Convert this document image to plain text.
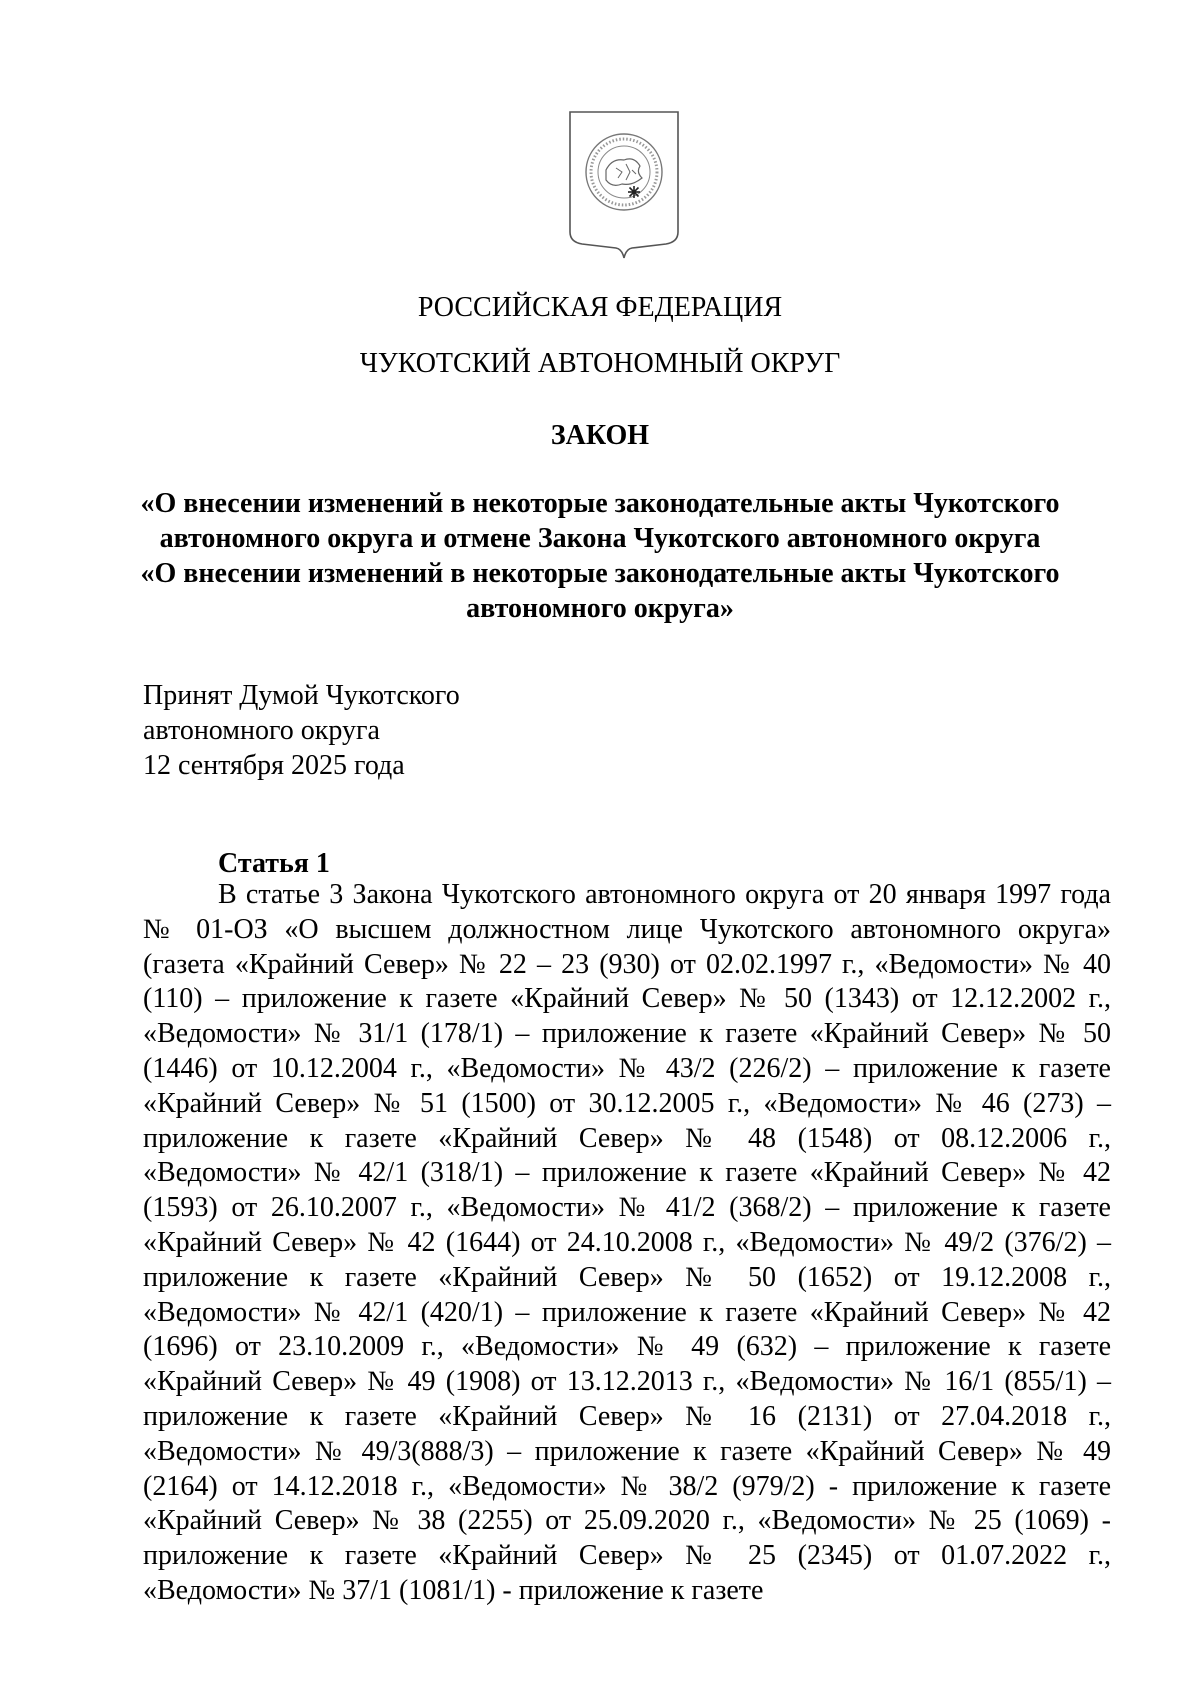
РОССИЙСКАЯ ФЕДЕРАЦИЯ
ЧУКОТСКИЙ АВТОНОМНЫЙ ОКРУГ
ЗАКОН
«О внесении изменений в некоторые законодательные акты Чукотского автономного округа и отмене Закона Чукотского автономного округа «О внесении изменений в некоторые законодательные акты Чукотского автономного округа»
Принят Думой Чукотского
автономного округа
12 сентября 2025 года
Статья 1
В статье 3 Закона Чукотского автономного округа от 20 января 1997 года № 01-ОЗ «О высшем должностном лице Чукотского автономного округа» (газета «Крайний Север» № 22 – 23 (930) от 02.02.1997 г., «Ведомости» № 40 (110) – приложение к газете «Крайний Север» № 50 (1343) от 12.12.2002 г., «Ведомости» № 31/1 (178/1) – приложение к газете «Крайний Север» № 50 (1446) от 10.12.2004 г., «Ведомости» № 43/2 (226/2) – приложение к газете «Крайний Север» № 51 (1500) от 30.12.2005 г., «Ведомости» № 46 (273) – приложение к газете «Крайний Север» № 48 (1548) от 08.12.2006 г., «Ведомости» № 42/1 (318/1) – приложение к газете «Крайний Север» № 42 (1593) от 26.10.2007 г., «Ведомости» № 41/2 (368/2) – приложение к газете «Крайний Север» № 42 (1644) от 24.10.2008 г., «Ведомости» № 49/2 (376/2) – приложение к газете «Крайний Север» № 50 (1652) от 19.12.2008 г., «Ведомости» № 42/1 (420/1) – приложение к газете «Крайний Север» № 42 (1696) от 23.10.2009 г., «Ведомости» № 49 (632) – приложение к газете «Крайний Север» № 49 (1908) от 13.12.2013 г., «Ведомости» № 16/1 (855/1) – приложение к газете «Крайний Север» № 16 (2131) от 27.04.2018 г., «Ведомости» № 49/3(888/3) – приложение к газете «Крайний Север» № 49 (2164) от 14.12.2018 г., «Ведомости» № 38/2 (979/2) - приложение к газете «Крайний Север» № 38 (2255) от 25.09.2020 г., «Ведомости» № 25 (1069) - приложение к газете «Крайний Север» № 25 (2345) от 01.07.2022 г., «Ведомости» № 37/1 (1081/1) - приложение к газете
